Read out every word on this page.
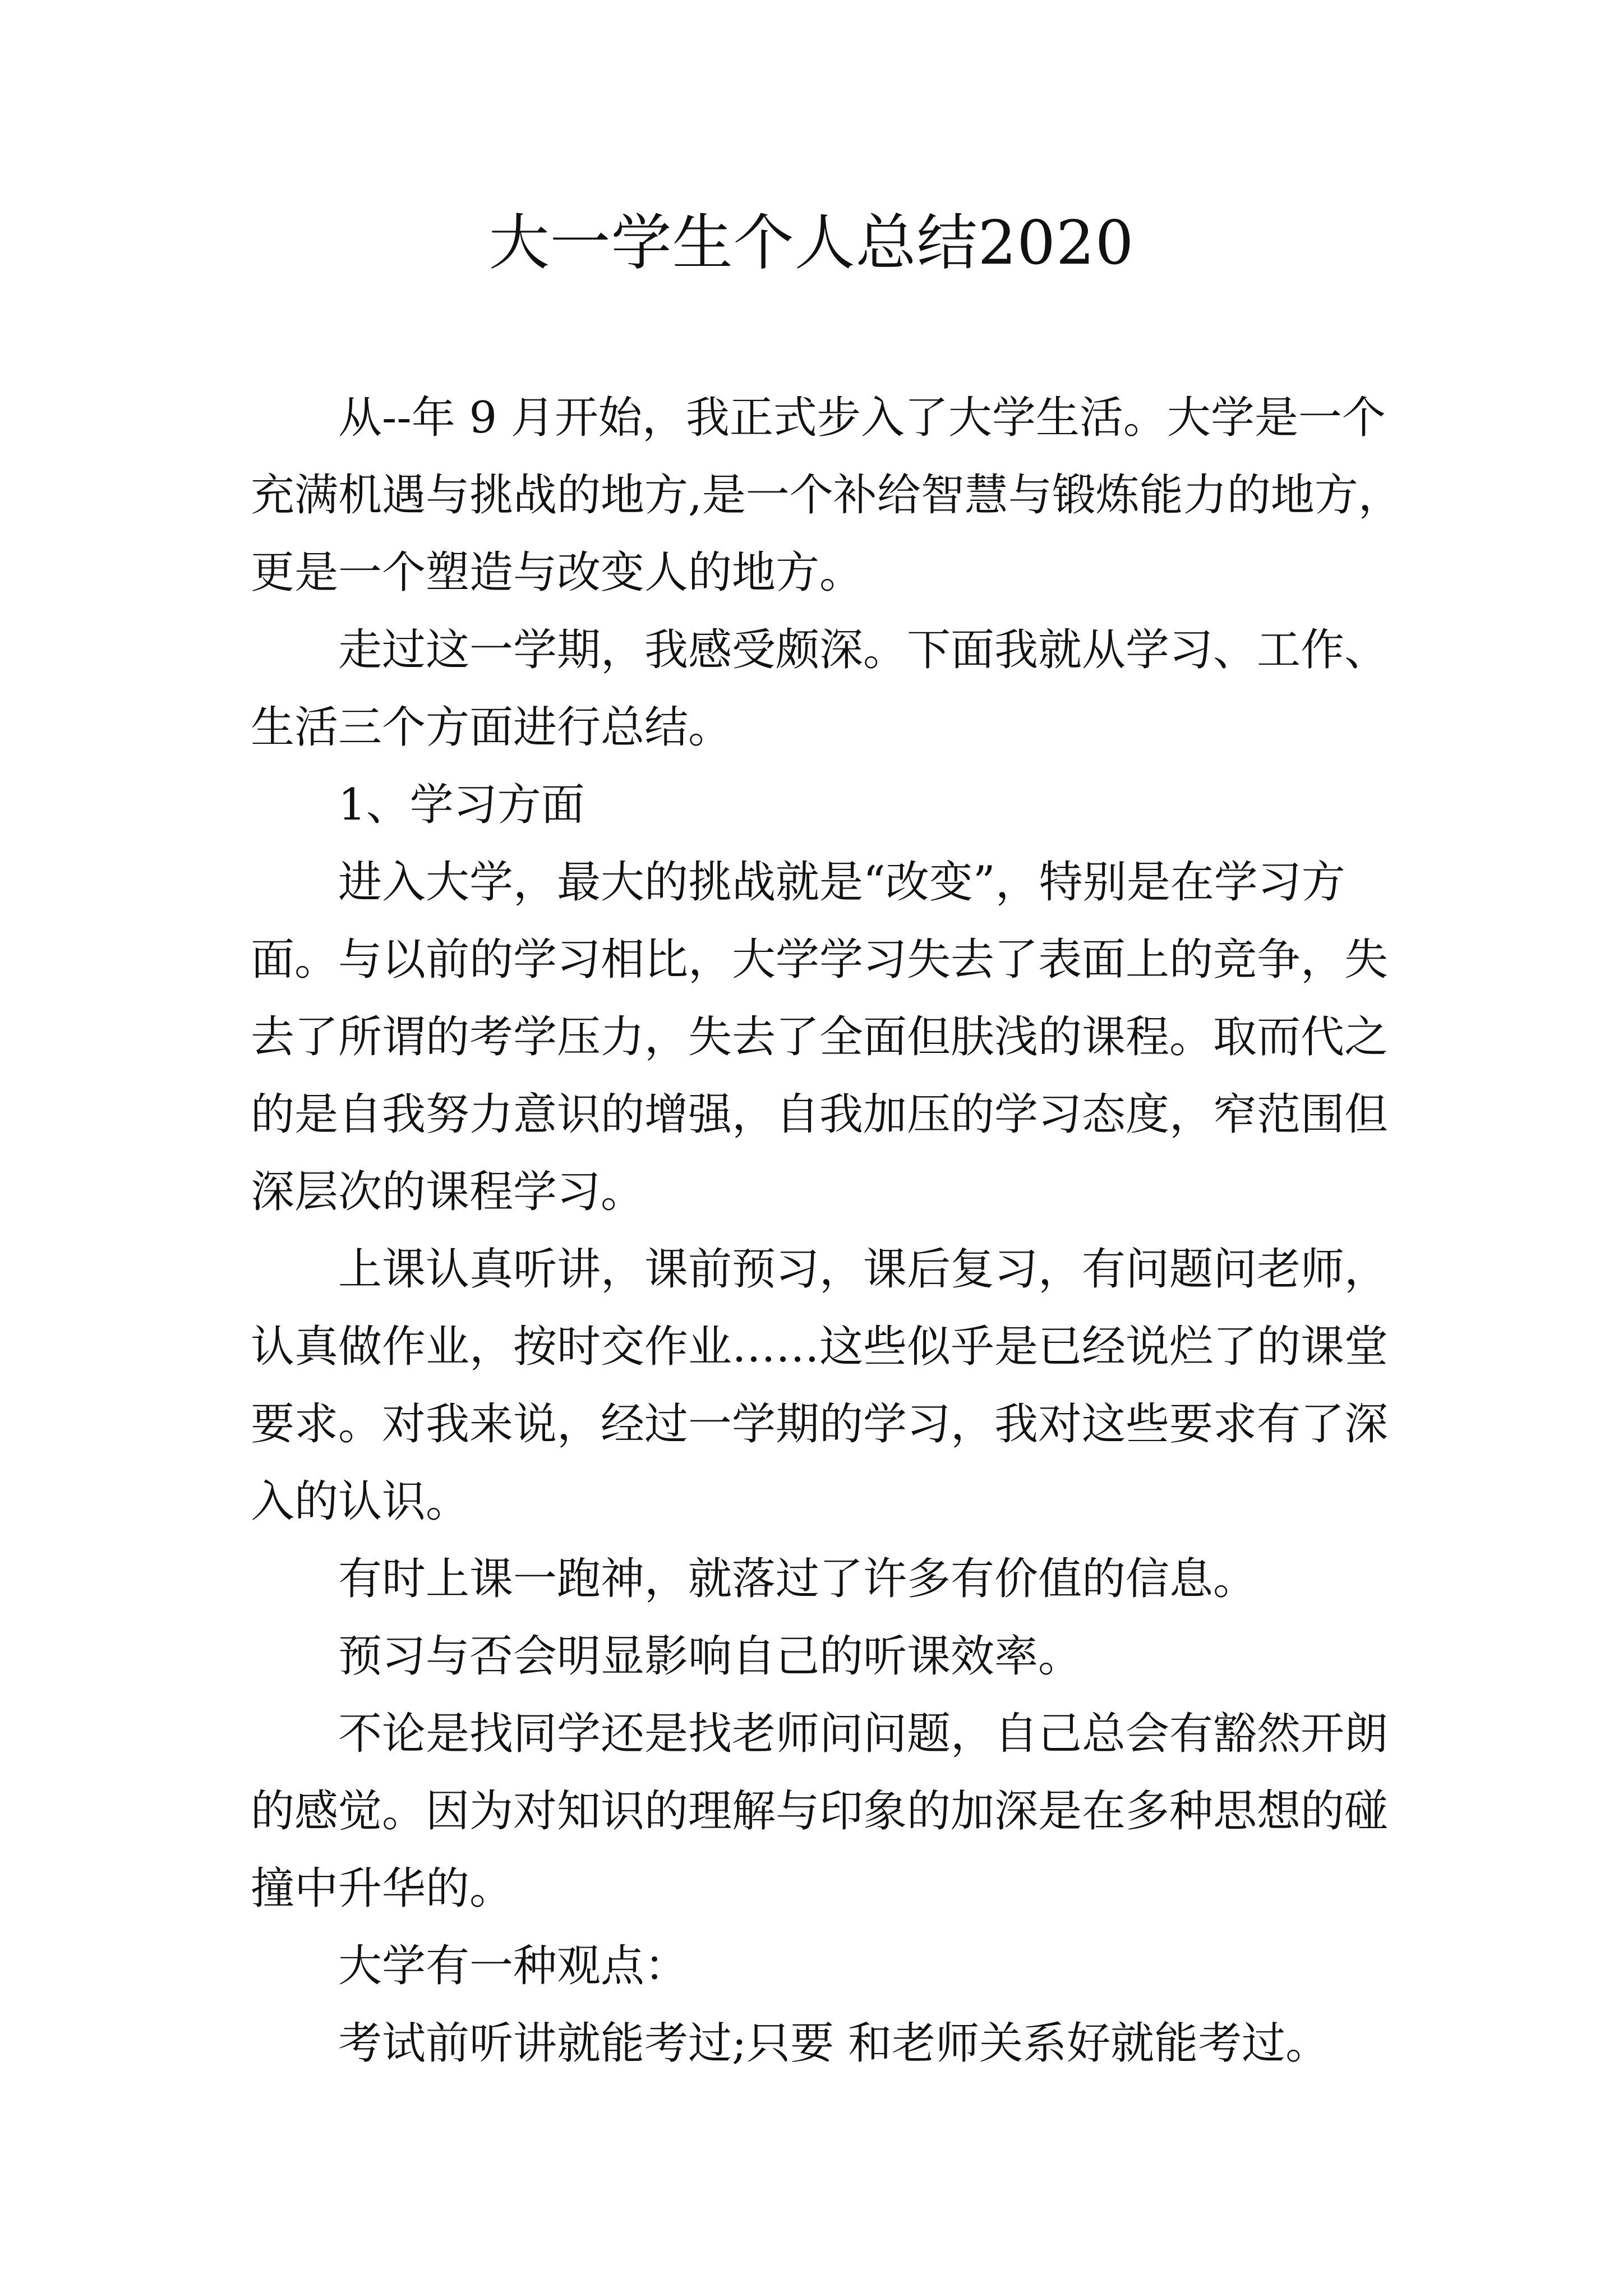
大一学生个人总结2020
从--年 9 月开始，我正式步入了大学生活。大学是一个
充满机遇与挑战的地方,是一个补给智慧与锻炼能力的地方，
更是一个塑造与改变人的地方。
走过这一学期，我感受颇深。下面我就从学习、工作、
生活三个方面进行总结。
1、学习方面
进入大学，最大的挑战就是“改变”，特别是在学习方
面。与以前的学习相比，大学学习失去了表面上的竞争，失
去了所谓的考学压力，失去了全面但肤浅的课程。取而代之
的是自我努力意识的增强，自我加压的学习态度，窄范围但
深层次的课程学习。
上课认真听讲，课前预习，课后复习，有问题问老师，
认真做作业，按时交作业……这些似乎是已经说烂了的课堂
要求。对我来说，经过一学期的学习，我对这些要求有了深
入的认识。
有时上课一跑神，就落过了许多有价值的信息。
预习与否会明显影响自己的听课效率。
不论是找同学还是找老师问问题，自己总会有豁然开朗
的感觉。因为对知识的理解与印象的加深是在多种思想的碰
撞中升华的。
大学有一种观点：
考试前听讲就能考过;只要 和老师关系好就能考过。
